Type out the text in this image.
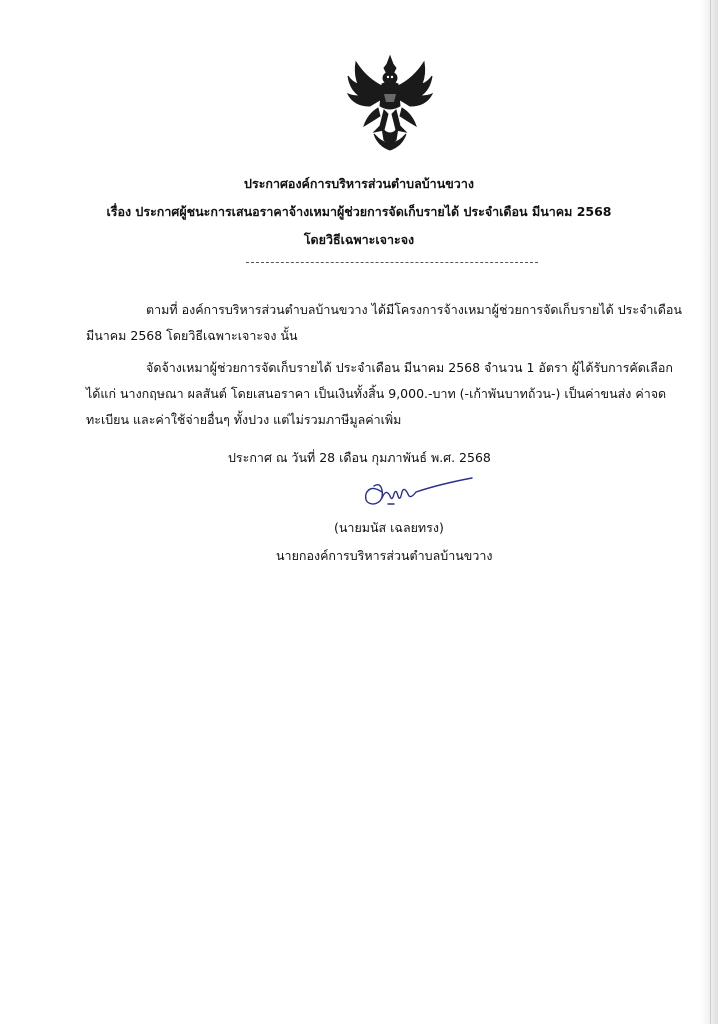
ประกาศองค์การบริหารส่วนตำบลบ้านขวาง
เรื่อง ประกาศผู้ชนะการเสนอราคาจ้างเหมาผู้ช่วยการจัดเก็บรายได้ ประจำเดือน มีนาคม 2568
โดยวิธีเฉพาะเจาะจง
ตามที่ องค์การบริหารส่วนตำบลบ้านขวาง ได้มีโครงการจ้างเหมาผู้ช่วยการจัดเก็บรายได้ ประจำเดือน
มีนาคม 2568 โดยวิธีเฉพาะเจาะจง นั้น
จัดจ้างเหมาผู้ช่วยการจัดเก็บรายได้ ประจำเดือน มีนาคม 2568 จำนวน 1 อัตรา ผู้ได้รับการคัดเลือก
ได้แก่ นางกฤษณา ผลสันต์ โดยเสนอราคา เป็นเงินทั้งสิ้น 9,000.-บาท (-เก้าพันบาทถ้วน-) เป็นค่าขนส่ง ค่าจด
ทะเบียน และค่าใช้จ่ายอื่นๆ ทั้งปวง แต่ไม่รวมภาษีมูลค่าเพิ่ม
ประกาศ ณ วันที่ 28 เดือน กุมภาพันธ์ พ.ศ. 2568
(นายมนัส เฉลยทรง)
นายกองค์การบริหารส่วนตำบลบ้านขวาง
